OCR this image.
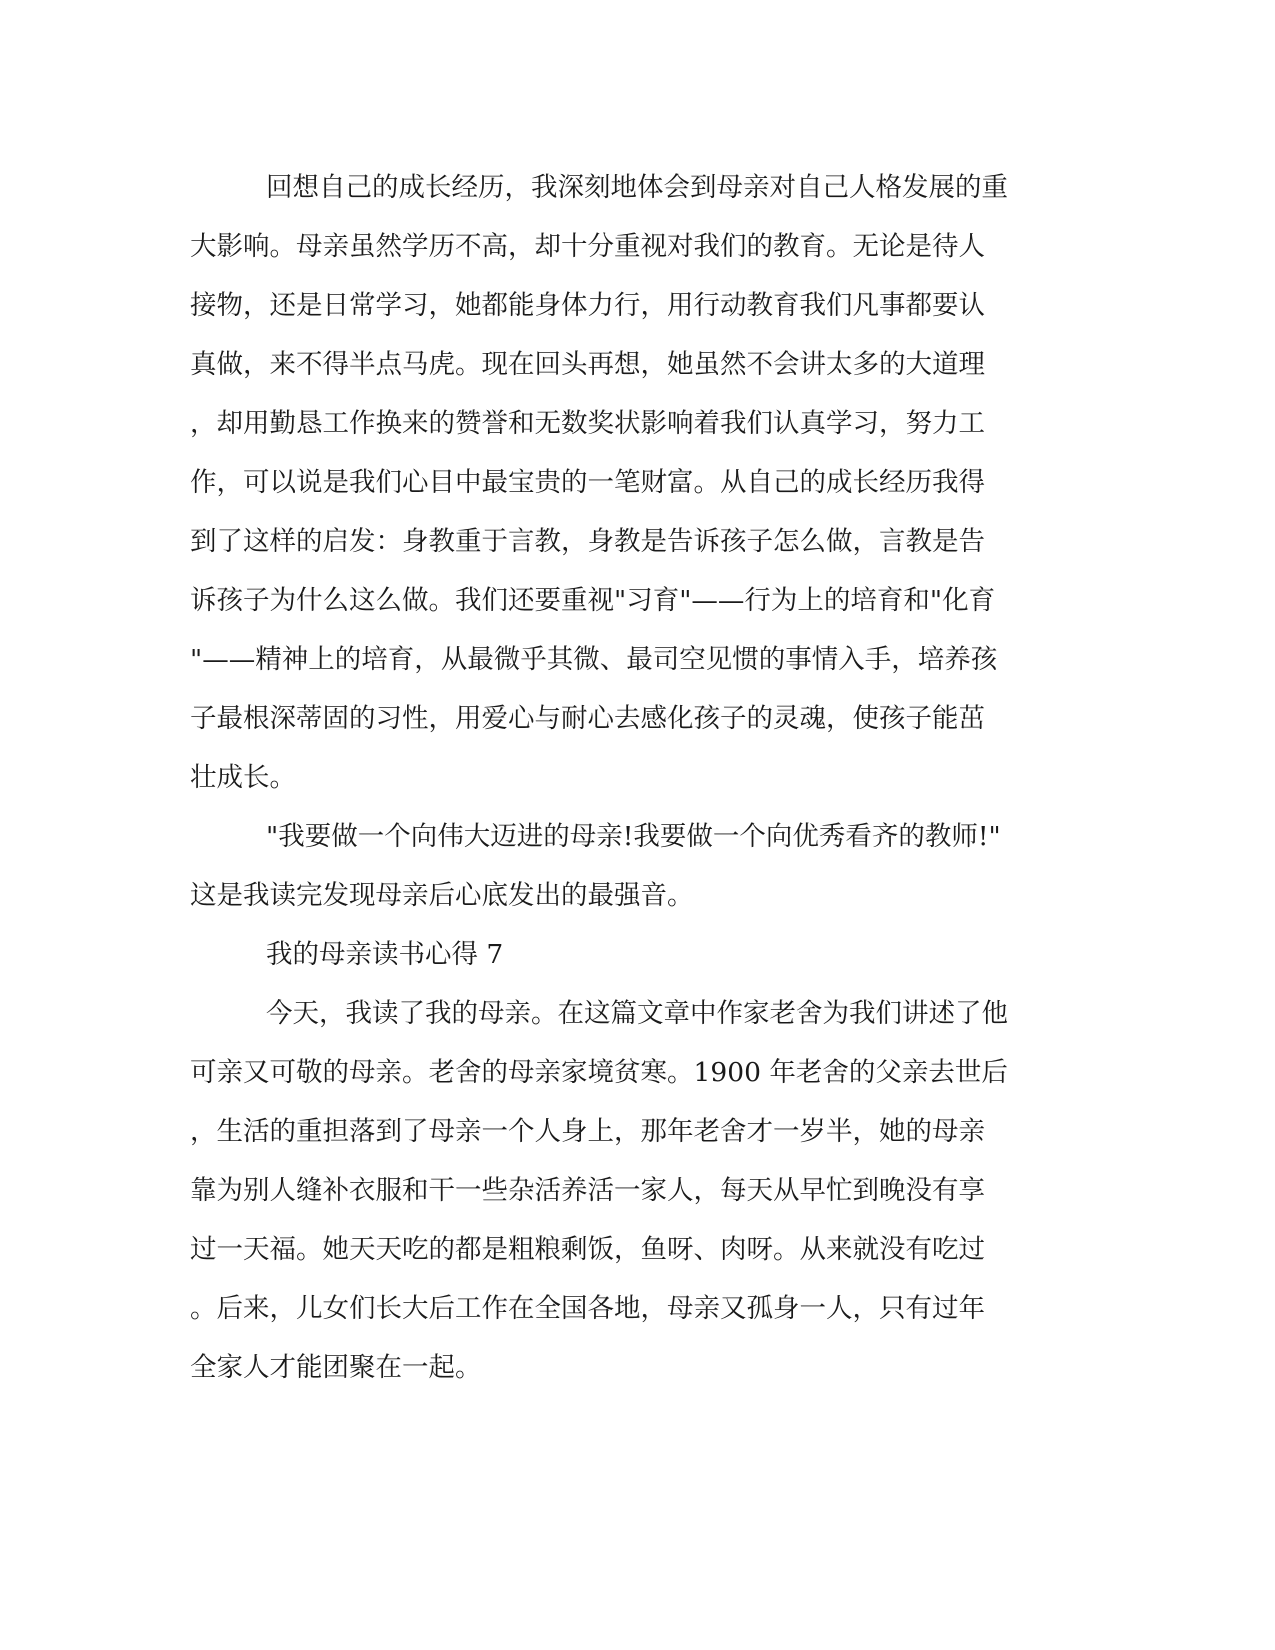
回想自己的成长经历，我深刻地体会到母亲对自己人格发展的重
大影响。母亲虽然学历不高，却十分重视对我们的教育。无论是待人
接物，还是日常学习，她都能身体力行，用行动教育我们凡事都要认
真做，来不得半点马虎。现在回头再想，她虽然不会讲太多的大道理
，却用勤恳工作换来的赞誉和无数奖状影响着我们认真学习，努力工
作，可以说是我们心目中最宝贵的一笔财富。从自己的成长经历我得
到了这样的启发：身教重于言教，身教是告诉孩子怎么做，言教是告
诉孩子为什么这么做。我们还要重视"习育"——行为上的培育和"化育
"——精神上的培育，从最微乎其微、最司空见惯的事情入手，培养孩
子最根深蒂固的习性，用爱心与耐心去感化孩子的灵魂，使孩子能茁
壮成长。
"我要做一个向伟大迈进的母亲!我要做一个向优秀看齐的教师!"
这是我读完发现母亲后心底发出的最强音。
我的母亲读书心得 7
今天，我读了我的母亲。在这篇文章中作家老舍为我们讲述了他
可亲又可敬的母亲。老舍的母亲家境贫寒。1900 年老舍的父亲去世后
，生活的重担落到了母亲一个人身上，那年老舍才一岁半，她的母亲
靠为别人缝补衣服和干一些杂活养活一家人，每天从早忙到晚没有享
过一天福。她天天吃的都是粗粮剩饭，鱼呀、肉呀。从来就没有吃过
。后来，儿女们长大后工作在全国各地，母亲又孤身一人，只有过年
全家人才能团聚在一起。
